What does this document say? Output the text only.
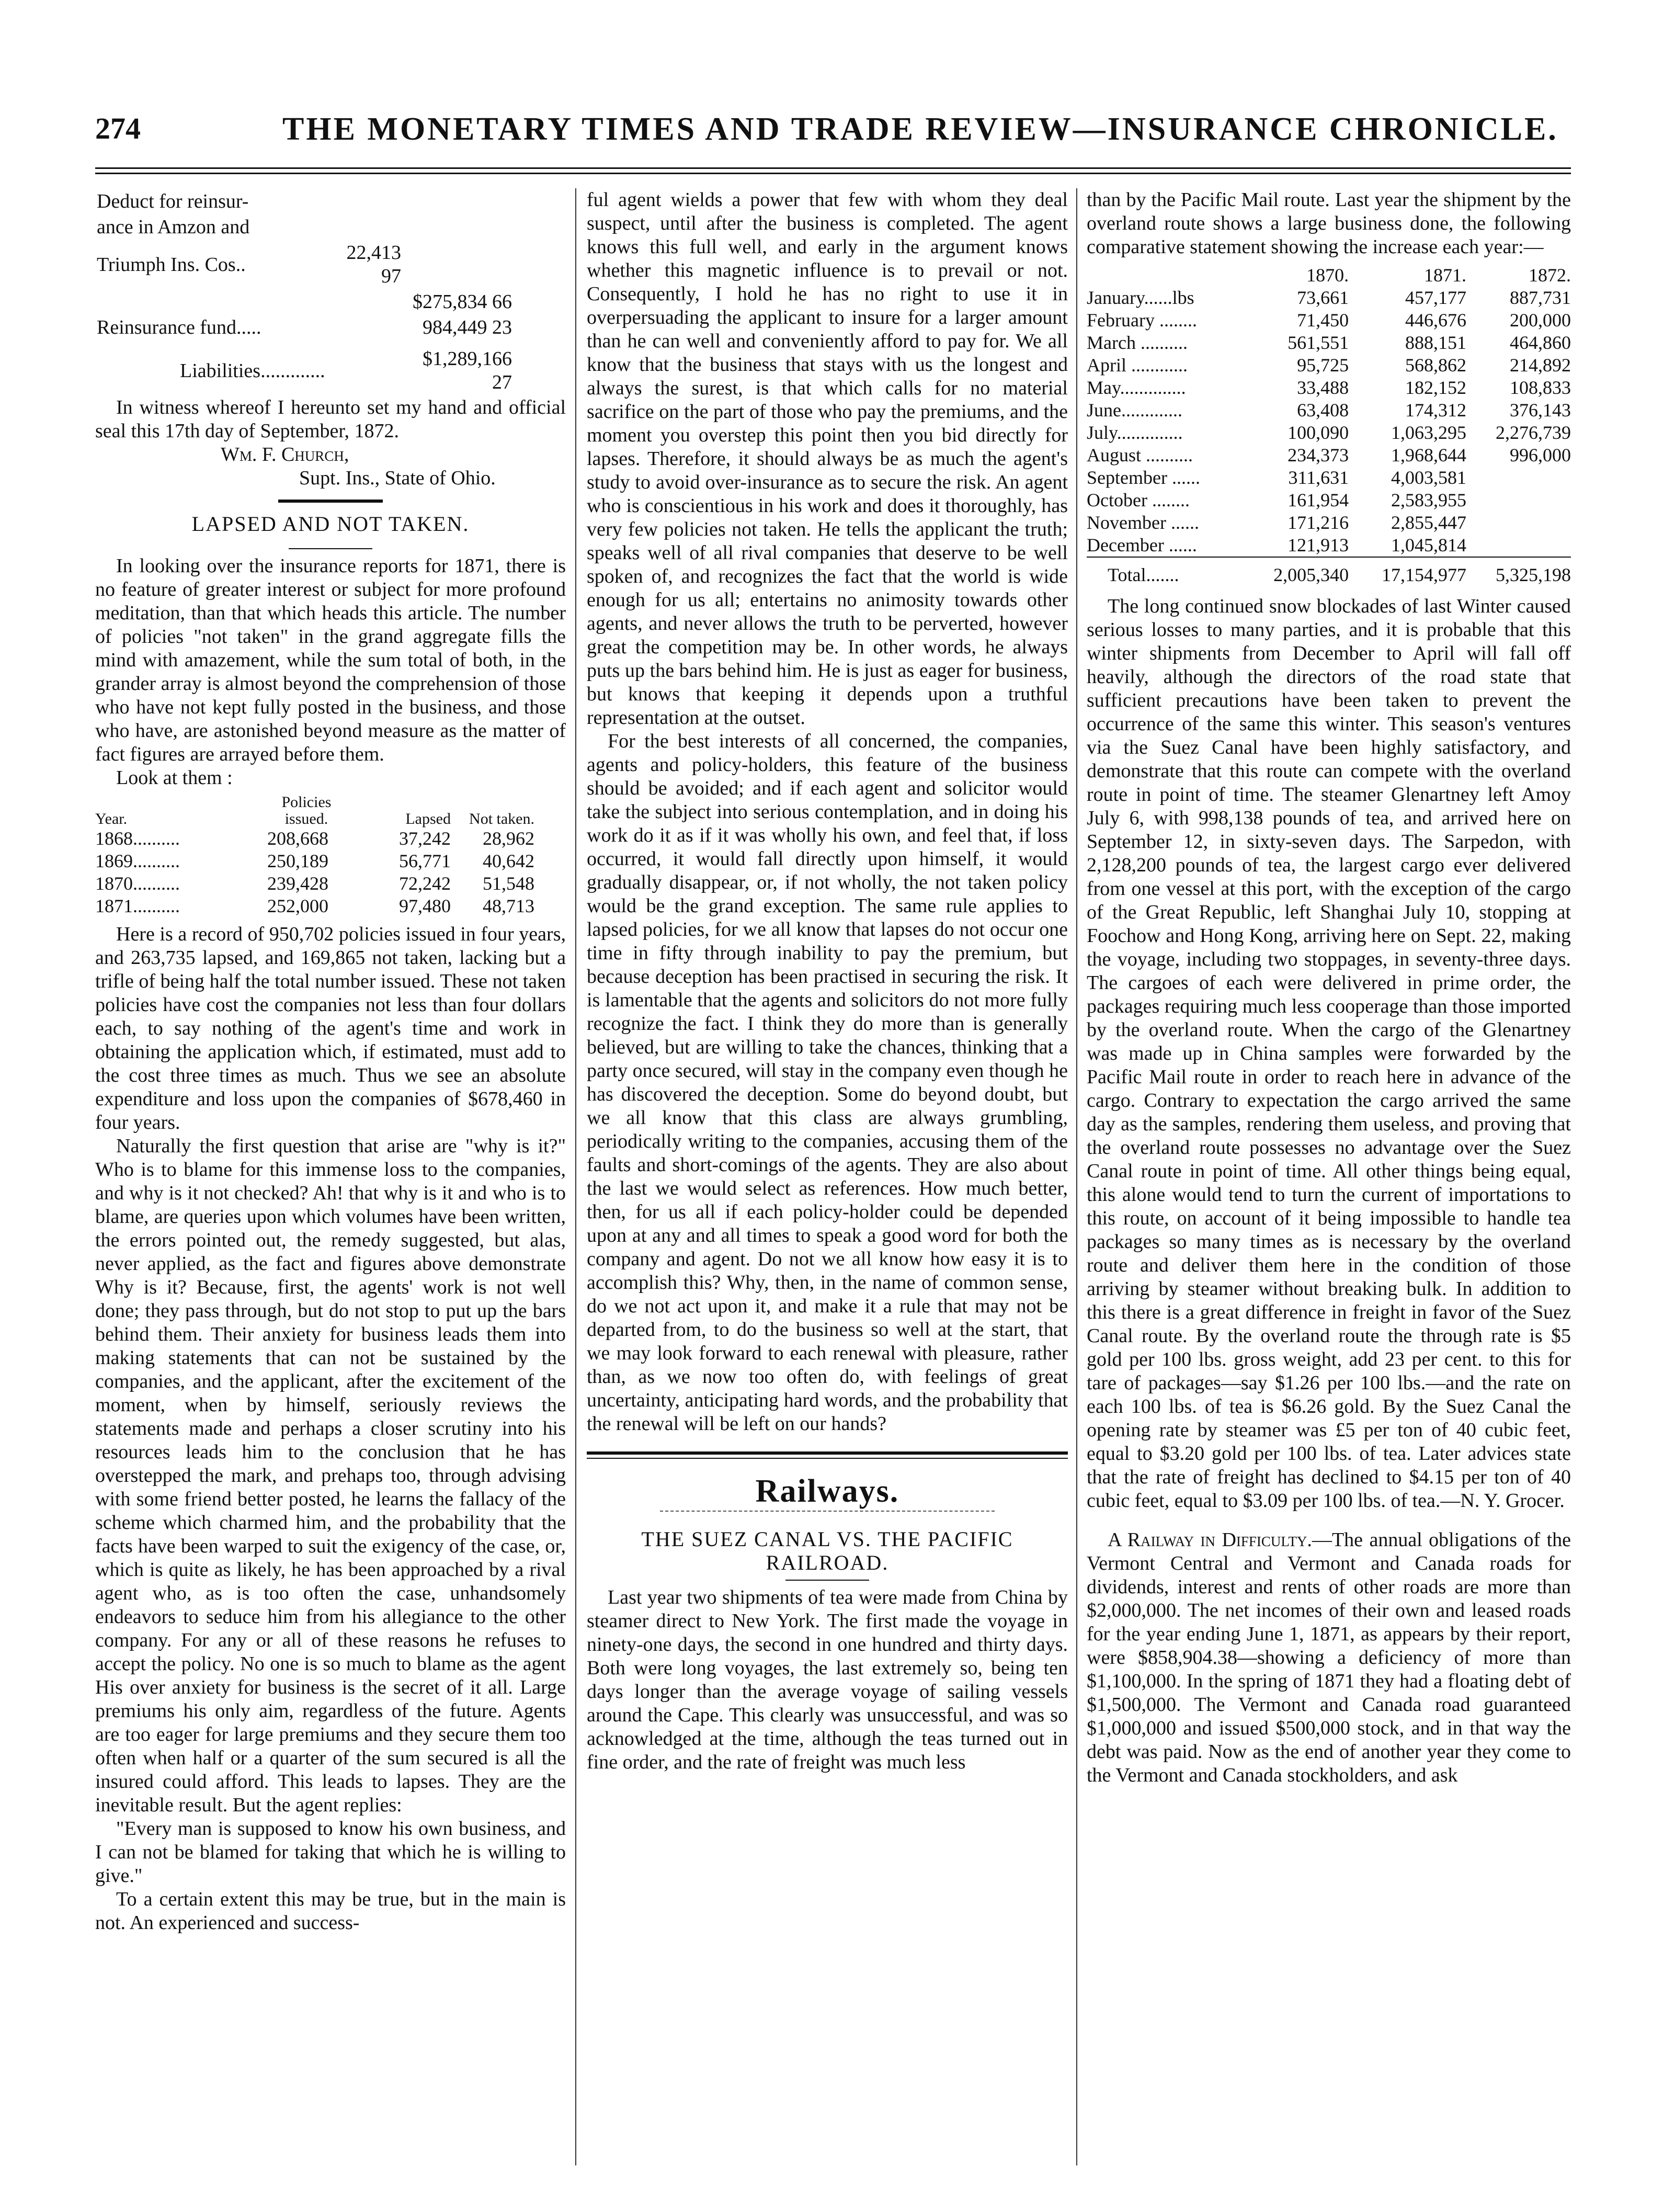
274	THE MONETARY TIMES AND TRADE REVIEW—INSURANCE CHRONICLE.
Deduct for reinsur-		
ance in Amzon and		
Triumph Ins. Cos..	22,413 97	
		$275,834 66
Reinsurance fund.....		984,449 23
Liabilities.............		$1,289,166 27

In witness whereof I hereunto set my hand and official seal this 17th day of September, 1872.

Wm. F. Church,
Supt. Ins., State of Ohio.
LAPSED AND NOT TAKEN.

In looking over the insurance reports for 1871, there is no feature of greater interest or subject for more profound meditation, than that which heads this article. The number of policies "not taken" in the grand aggregate fills the mind with amazement, while the sum total of both, in the grander array is almost beyond the comprehension of those who have not kept fully posted in the business, and those who have, are astonished beyond measure as the matter of fact figures are arrayed before them.

Look at them :

Year.	Policies issued.	Lapsed	Not taken.
1868..........	208,668	37,242	28,962
1869..........	250,189	56,771	40,642
1870..........	239,428	72,242	51,548
1871..........	252,000	97,480	48,713

Here is a record of 950,702 policies issued in four years, and 263,735 lapsed, and 169,865 not taken, lacking but a trifle of being half the total number issued. These not taken policies have cost the companies not less than four dollars each, to say nothing of the agent's time and work in obtaining the application which, if estimated, must add to the cost three times as much. Thus we see an absolute expenditure and loss upon the companies of $678,460 in four years.

Naturally the first question that arise are "why is it?" Who is to blame for this immense loss to the companies, and why is it not checked? Ah! that why is it and who is to blame, are queries upon which volumes have been written, the errors pointed out, the remedy suggested, but alas, never applied, as the fact and figures above demonstrate Why is it? Because, first, the agents' work is not well done; they pass through, but do not stop to put up the bars behind them. Their anxiety for business leads them into making statements that can not be sustained by the companies, and the applicant, after the excitement of the moment, when by himself, seriously reviews the statements made and perhaps a closer scrutiny into his resources leads him to the conclusion that he has overstepped the mark, and prehaps too, through advising with some friend better posted, he learns the fallacy of the scheme which charmed him, and the probability that the facts have been warped to suit the exigency of the case, or, which is quite as likely, he has been approached by a rival agent who, as is too often the case, unhandsomely endeavors to seduce him from his allegiance to the other company. For any or all of these reasons he refuses to accept the policy. No one is so much to blame as the agent His over anxiety for business is the secret of it all. Large premiums his only aim, regardless of the future. Agents are too eager for large premiums and they secure them too often when half or a quarter of the sum secured is all the insured could afford. This leads to lapses. They are the inevitable result. But the agent replies:

"Every man is supposed to know his own business, and I can not be blamed for taking that which he is willing to give."

To a certain extent this may be true, but in the main is not. An experienced and success-

ful agent wields a power that few with whom they deal suspect, until after the business is completed. The agent knows this full well, and early in the argument knows whether this magnetic influence is to prevail or not. Consequently, I hold he has no right to use it in overpersuading the applicant to insure for a larger amount than he can well and conveniently afford to pay for. We all know that the business that stays with us the longest and always the surest, is that which calls for no material sacrifice on the part of those who pay the premiums, and the moment you overstep this point then you bid directly for lapses. Therefore, it should always be as much the agent's study to avoid over-insurance as to secure the risk. An agent who is conscientious in his work and does it thoroughly, has very few policies not taken. He tells the applicant the truth; speaks well of all rival companies that deserve to be well spoken of, and recognizes the fact that the world is wide enough for us all; entertains no animosity towards other agents, and never allows the truth to be perverted, however great the competition may be. In other words, he always puts up the bars behind him. He is just as eager for business, but knows that keeping it depends upon a truthful representation at the outset.

For the best interests of all concerned, the companies, agents and policy-holders, this feature of the business should be avoided; and if each agent and solicitor would take the subject into serious contemplation, and in doing his work do it as if it was wholly his own, and feel that, if loss occurred, it would fall directly upon himself, it would gradually disappear, or, if not wholly, the not taken policy would be the grand exception. The same rule applies to lapsed policies, for we all know that lapses do not occur one time in fifty through inability to pay the premium, but because deception has been practised in securing the risk. It is lamentable that the agents and solicitors do not more fully recognize the fact. I think they do more than is generally believed, but are willing to take the chances, thinking that a party once secured, will stay in the company even though he has discovered the deception. Some do beyond doubt, but we all know that this class are always grumbling, periodically writing to the companies, accusing them of the faults and short-comings of the agents. They are also about the last we would select as references. How much better, then, for us all if each policy-holder could be depended upon at any and all times to speak a good word for both the company and agent. Do not we all know how easy it is to accomplish this? Why, then, in the name of common sense, do we not act upon it, and make it a rule that may not be departed from, to do the business so well at the start, that we may look forward to each renewal with pleasure, rather than, as we now too often do, with feelings of great uncertainty, anticipating hard words, and the probability that the renewal will be left on our hands?

Railways.
THE SUEZ CANAL VS. THE PACIFIC
RAILROAD.

Last year two shipments of tea were made from China by steamer direct to New York. The first made the voyage in ninety-one days, the second in one hundred and thirty days. Both were long voyages, the last extremely so, being ten days longer than the average voyage of sailing vessels around the Cape. This clearly was unsuccessful, and was so acknowledged at the time, although the teas turned out in fine order, and the rate of freight was much less

than by the Pacific Mail route. Last year the shipment by the overland route shows a large business done, the following comparative statement showing the increase each year:—

	1870.	1871.	1872.
January......lbs	73,661	457,177	887,731
February ........	71,450	446,676	200,000
March ..........	561,551	888,151	464,860
April ............	95,725	568,862	214,892
May..............	33,488	182,152	108,833
June.............	63,408	174,312	376,143
July..............	100,090	1,063,295	2,276,739
August ..........	234,373	1,968,644	996,000
September ......	311,631	4,003,581	
October ........	161,954	2,583,955	
November ......	171,216	2,855,447	
December ......	121,913	1,045,814	

Total.......	2,005,340	17,154,977	5,325,198

The long continued snow blockades of last Winter caused serious losses to many parties, and it is probable that this winter shipments from December to April will fall off heavily, although the directors of the road state that sufficient precautions have been taken to prevent the occurrence of the same this winter. This season's ventures via the Suez Canal have been highly satisfactory, and demonstrate that this route can compete with the overland route in point of time. The steamer Glenartney left Amoy July 6, with 998,138 pounds of tea, and arrived here on September 12, in sixty-seven days. The Sarpedon, with 2,128,200 pounds of tea, the largest cargo ever delivered from one vessel at this port, with the exception of the cargo of the Great Republic, left Shanghai July 10, stopping at Foochow and Hong Kong, arriving here on Sept. 22, making the voyage, including two stoppages, in seventy-three days. The cargoes of each were delivered in prime order, the packages requiring much less cooperage than those imported by the overland route. When the cargo of the Glenartney was made up in China samples were forwarded by the Pacific Mail route in order to reach here in advance of the cargo. Contrary to expectation the cargo arrived the same day as the samples, rendering them useless, and proving that the overland route possesses no advantage over the Suez Canal route in point of time. All other things being equal, this alone would tend to turn the current of importations to this route, on account of it being impossible to handle tea packages so many times as is necessary by the overland route and deliver them here in the condition of those arriving by steamer without breaking bulk. In addition to this there is a great difference in freight in favor of the Suez Canal route. By the overland route the through rate is $5 gold per 100 lbs. gross weight, add 23 per cent. to this for tare of packages—say $1.26 per 100 lbs.—and the rate on each 100 lbs. of tea is $6.26 gold. By the Suez Canal the opening rate by steamer was £5 per ton of 40 cubic feet, equal to $3.20 gold per 100 lbs. of tea. Later advices state that the rate of freight has declined to $4.15 per ton of 40 cubic feet, equal to $3.09 per 100 lbs. of tea.—N. Y. Grocer.

A Railway in Difficulty.—The annual obligations of the Vermont Central and Vermont and Canada roads for dividends, interest and rents of other roads are more than $2,000,000. The net incomes of their own and leased roads for the year ending June 1, 1871, as appears by their report, were $858,904.38—showing a deficiency of more than $1,100,000. In the spring of 1871 they had a floating debt of $1,500,000. The Vermont and Canada road guaranteed $1,000,000 and issued $500,000 stock, and in that way the debt was paid. Now as the end of another year they come to the Vermont and Canada stockholders, and ask
